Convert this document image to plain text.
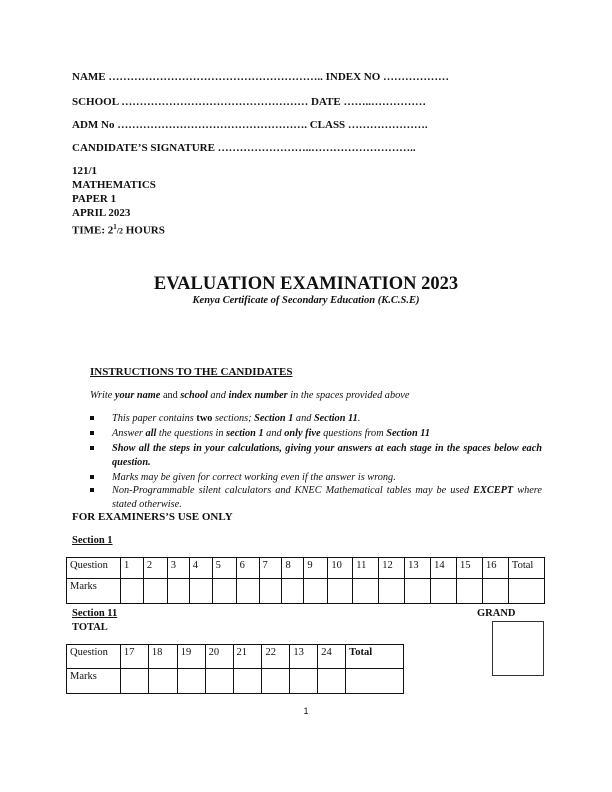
NAME ………………………………………………….. INDEX NO ………………
SCHOOL …………………………………………… DATE ……..……………
ADM No ……………………………………………. CLASS ………………….
CANDIDATE’S SIGNATURE ……………………..………………………..
121/1
MATHEMATICS
PAPER 1
APRIL 2023
TIME: $2^1/2$ HOURS
EVALUATION EXAMINATION 2023
Kenya Certificate of Secondary Education (K.C.S.E)
INSTRUCTIONS TO THE CANDIDATES
Write your name and school and index number in the spaces provided above
This paper contains two sections; Section 1 and Section 11.
Answer all the questions in section 1 and only five questions from Section 11
Show all the steps in your calculations, giving your answers at each stage in the spaces below each question.
Marks may be given for correct working even if the answer is wrong.
Non-Programmable silent calculators and KNEC Mathematical tables may be used EXCEPT where stated otherwise.
FOR EXAMINERS’S USE ONLY
Section 1
Question	1	2	3	4	5	6	7	8	9	10	11	12	13	14	15	16	Total
Marks																	
Section 11
TOTAL
GRAND
Question	17	18	19	20	21	22	13	24	Total
Marks									
1
